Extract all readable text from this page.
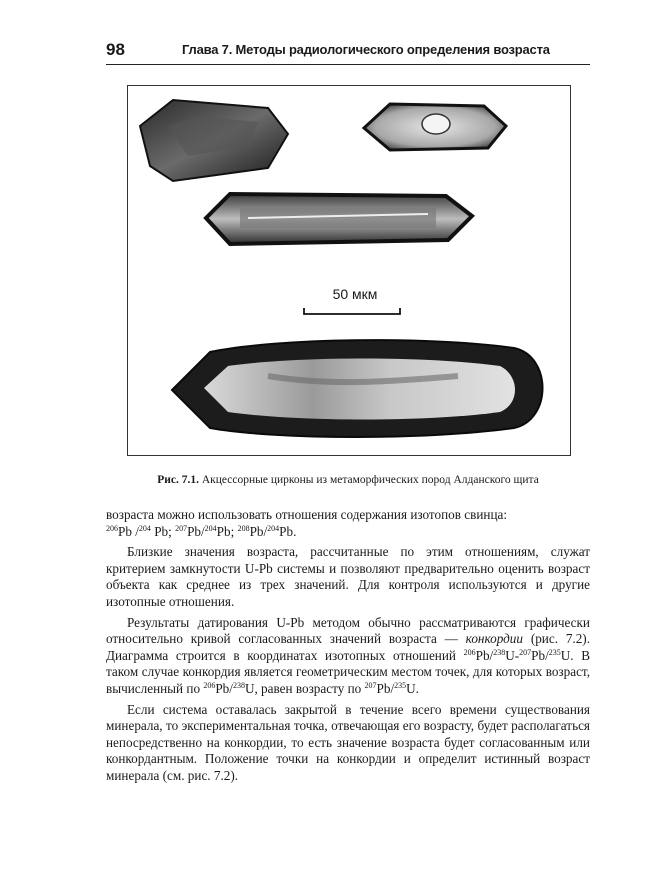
98	Глава 7. Методы радиологического определения возраста
50 мкм
Рис. 7.1. Акцессорные цирконы из метаморфических пород Алданского щита

возраста можно использовать отношения содержания изотопов свинца:
$^{206}$Pb /$^{204}$ Pb; $^{207}$Pb/$^{204}$Pb; $^{208}$Pb/$^{204}$Pb.

Близкие значения возраста, рассчитанные по этим отношениям, служат критерием замкнутости U-Pb системы и позволяют предварительно оценить возраст объекта как среднее из трех значений. Для контроля используются и другие изотопные отношения.

Результаты датирования U-Pb методом обычно рассматриваются графически относительно кривой согласованных значений возраста — конкордии (рис. 7.2). Диаграмма строится в координатах изотопных отношений $^{206}$Pb/$^{238}$U-$^{207}$Pb/$^{235}$U. В таком случае конкордия является геометрическим местом точек, для которых возраст, вычисленный по $^{206}$Pb/$^{238}$U, равен возрасту по $^{207}$Pb/$^{235}$U.

Если система оставалась закрытой в течение всего времени существования минерала, то экспериментальная точка, отвечающая его возрасту, будет располагаться непосредственно на конкордии, то есть значение возраста будет согласованным или конкордантным. Положение точки на конкордии и определит истинный возраст минерала (см. рис. 7.2).
